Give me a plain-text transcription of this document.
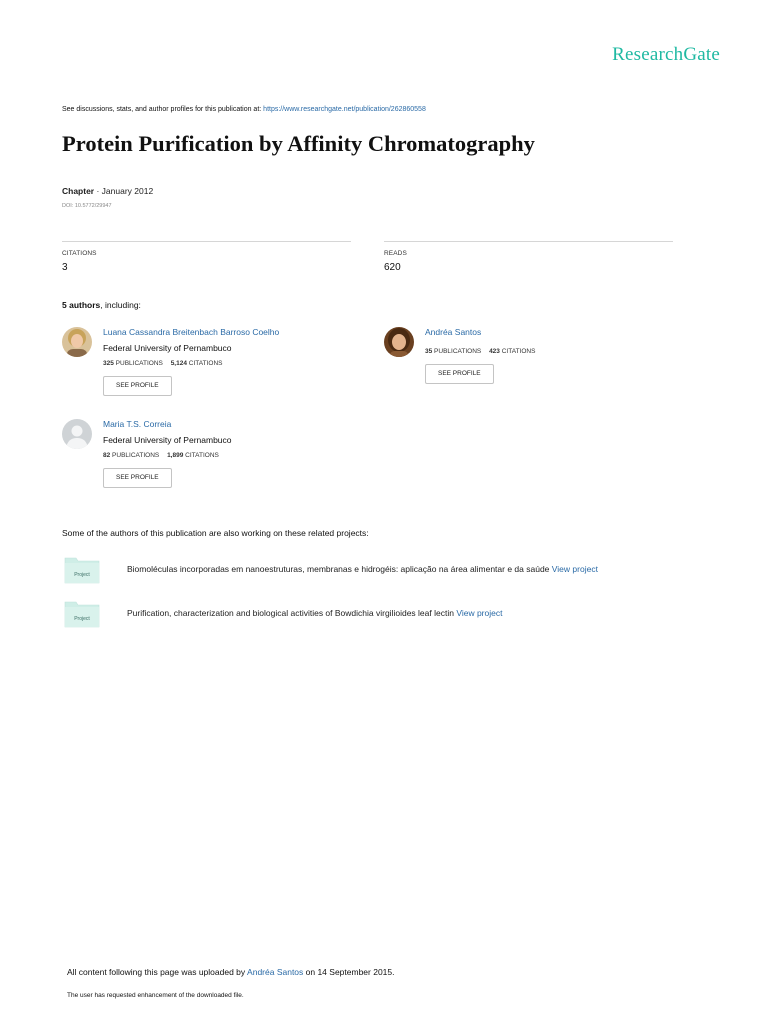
ResearchGate
See discussions, stats, and author profiles for this publication at: https://www.researchgate.net/publication/262860558
Protein Purification by Affinity Chromatography
Chapter · January 2012
DOI: 10.5772/29947
CITATIONS
3
READS
620
5 authors, including:
Luana Cassandra Breitenbach Barroso Coelho
Federal University of Pernambuco
325 PUBLICATIONS 5,124 CITATIONS
SEE PROFILE
Andréa Santos
35 PUBLICATIONS 423 CITATIONS
SEE PROFILE
Maria T.S. Correia
Federal University of Pernambuco
82 PUBLICATIONS 1,899 CITATIONS
SEE PROFILE
Some of the authors of this publication are also working on these related projects:
Project
Biomoléculas incorporadas em nanoestruturas, membranas e hidrogéis: aplicação na área alimentar e da saúde View project
Project
Purification, characterization and biological activities of Bowdichia virgilioides leaf lectin View project
All content following this page was uploaded by Andréa Santos on 14 September 2015.
The user has requested enhancement of the downloaded file.
